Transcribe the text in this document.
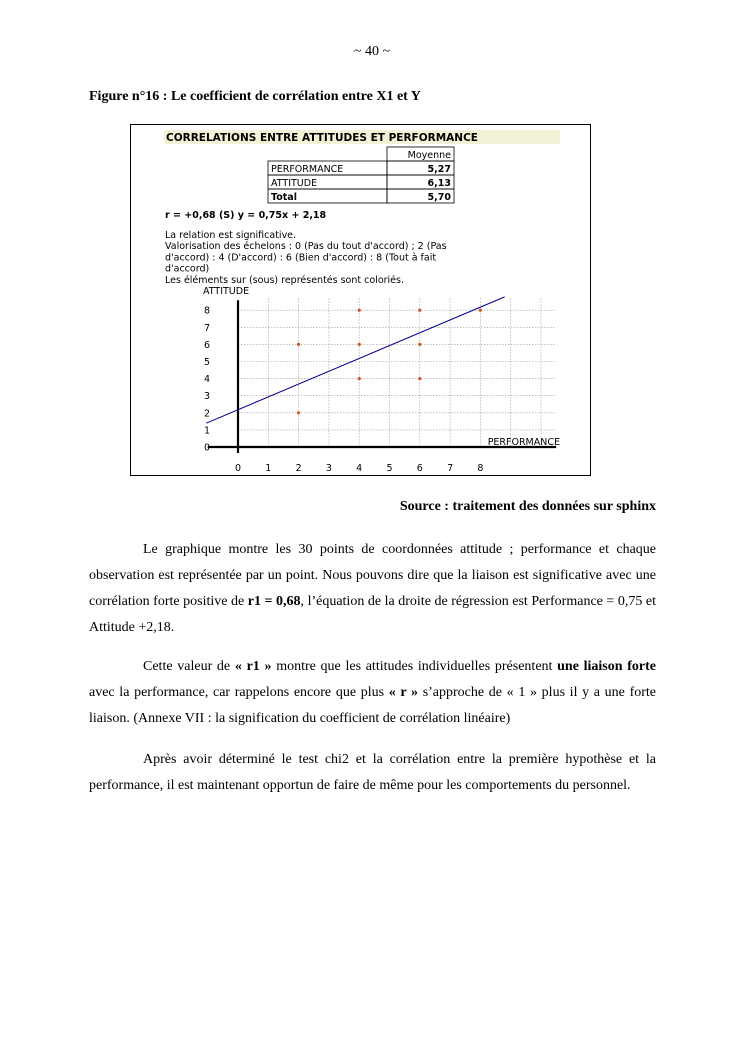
~ 40 ~
Figure n°16 : Le coefficient de corrélation entre X1 et Y
CORRELATIONS ENTRE ATTITUDES ET PERFORMANCE
Moyenne
PERFORMANCE	5,27
ATTITUDE	6,13
Total	5,70
r = +0,68 (S) y = 0,75x + 2,18
La relation est significative.
Valorisation des échelons : 0 (Pas du tout d'accord) ; 2 (Pas
d'accord) : 4 (D'accord) : 6 (Bien d'accord) : 8 (Tout à fait
d'accord)
Les éléments sur (sous) représentés sont coloriés.
ATTITUDE
PERFORMANCE
0
1
2
3
4
5
6
7
8
0	1	2	3	4	5	6	7	8
Source : traitement des données sur sphinx

Le graphique montre les 30 points de coordonnées attitude ; performance et chaque observation est représentée par un point. Nous pouvons dire que la liaison est significative avec une corrélation forte positive de r1 = 0,68, l’équation de la droite de régression est Performance = 0,75 et Attitude +2,18.

Cette valeur de « r1 » montre que les attitudes individuelles présentent une liaison forte avec la performance, car rappelons encore que plus « r » s’approche de « 1 » plus il y a une forte liaison. (Annexe VII : la signification du coefficient de corrélation linéaire)

Après avoir déterminé le test chi2 et la corrélation entre la première hypothèse et la performance, il est maintenant opportun de faire de même pour les comportements du personnel.
